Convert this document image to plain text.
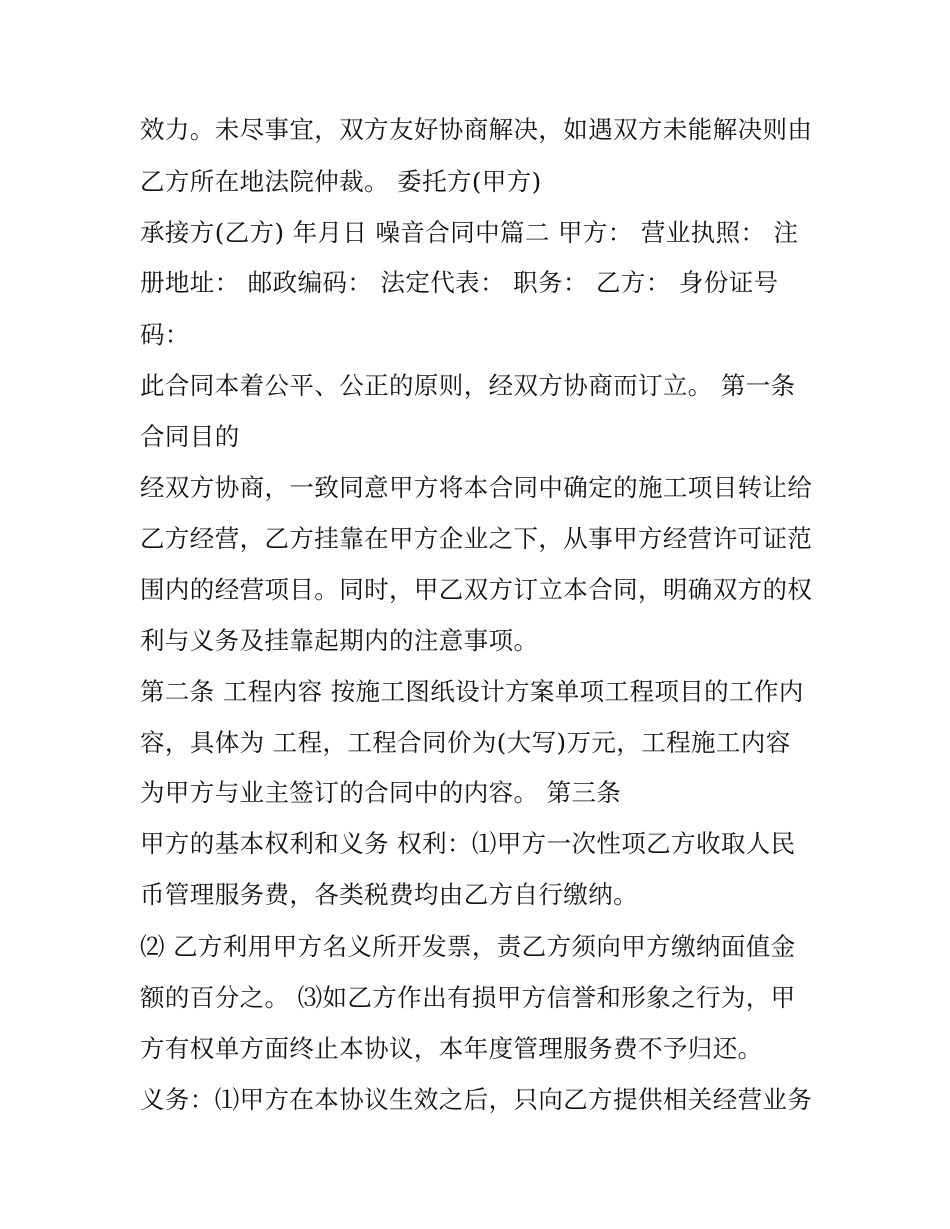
效力。未尽事宜，双方友好协商解决，如遇双方未能解决则由
乙方所在地法院仲裁。 委托方(甲方)
承接方(乙方) 年月日 噪音合同中篇二 甲方： 营业执照： 注
册地址： 邮政编码： 法定代表： 职务： 乙方： 身份证号
码：
此合同本着公平、公正的原则，经双方协商而订立。 第一条
合同目的
经双方协商，一致同意甲方将本合同中确定的施工项目转让给
乙方经营，乙方挂靠在甲方企业之下，从事甲方经营许可证范
围内的经营项目。同时，甲乙双方订立本合同，明确双方的权
利与义务及挂靠起期内的注意事项。
第二条 工程内容 按施工图纸设计方案单项工程项目的工作内
容，具体为 工程，工程合同价为(大写)万元，工程施工内容
为甲方与业主签订的合同中的内容。 第三条
甲方的基本权利和义务 权利：⑴甲方一次性项乙方收取人民
币管理服务费，各类税费均由乙方自行缴纳。
⑵ 乙方利用甲方名义所开发票，责乙方须向甲方缴纳面值金
额的百分之。 ⑶如乙方作出有损甲方信誉和形象之行为，甲
方有权单方面终止本协议，本年度管理服务费不予归还。
义务：⑴甲方在本协议生效之后，只向乙方提供相关经营业务
